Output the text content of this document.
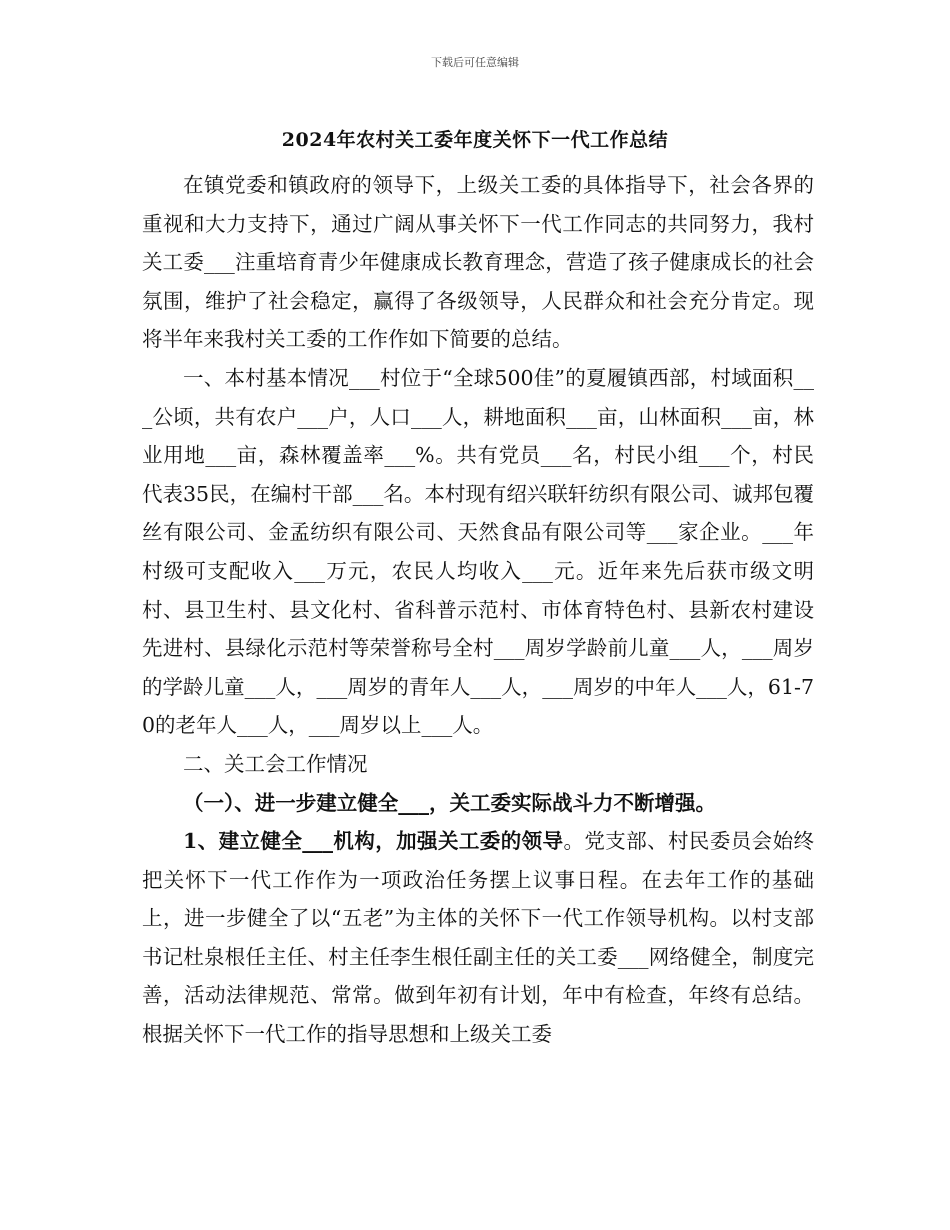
下载后可任意编辑
2024年农村关工委年度关怀下一代工作总结

在镇党委和镇政府的领导下，上级关工委的具体指导下，社会各界的重视和大力支持下，通过广阔从事关怀下一代工作同志的共同努力，我村关工委___注重培育青少年健康成长教育理念，营造了孩子健康成长的社会氛围，维护了社会稳定，赢得了各级领导，人民群众和社会充分肯定。现将半年来我村关工委的工作作如下简要的总结。

一、本村基本情况___村位于“全球500佳”的夏履镇西部，村域面积___公顷，共有农户___户，人口___人，耕地面积___亩，山林面积___亩，林业用地___亩，森林覆盖率___%。共有党员___名，村民小组___个，村民代表35民，在编村干部___名。本村现有绍兴联轩纺织有限公司、诚邦包覆丝有限公司、金孟纺织有限公司、天然食品有限公司等___家企业。___年村级可支配收入___万元，农民人均收入___元。近年来先后获市级文明村、县卫生村、县文化村、省科普示范村、市体育特色村、县新农村建设先进村、县绿化示范村等荣誉称号全村___周岁学龄前儿童___人，___周岁的学龄儿童___人，___周岁的青年人___人，___周岁的中年人___人，61-70的老年人___人，___周岁以上___人。

二、关工会工作情况

（一）、进一步建立健全___，关工委实际战斗力不断增强。

1、建立健全___机构，加强关工委的领导。党支部、村民委员会始终把关怀下一代工作作为一项政治任务摆上议事日程。在去年工作的基础上，进一步健全了以“五老”为主体的关怀下一代工作领导机构。以村支部书记杜泉根任主任、村主任李生根任副主任的关工委___网络健全，制度完善，活动法律规范、常常。做到年初有计划，年中有检查，年终有总结。根据关怀下一代工作的指导思想和上级关工委
